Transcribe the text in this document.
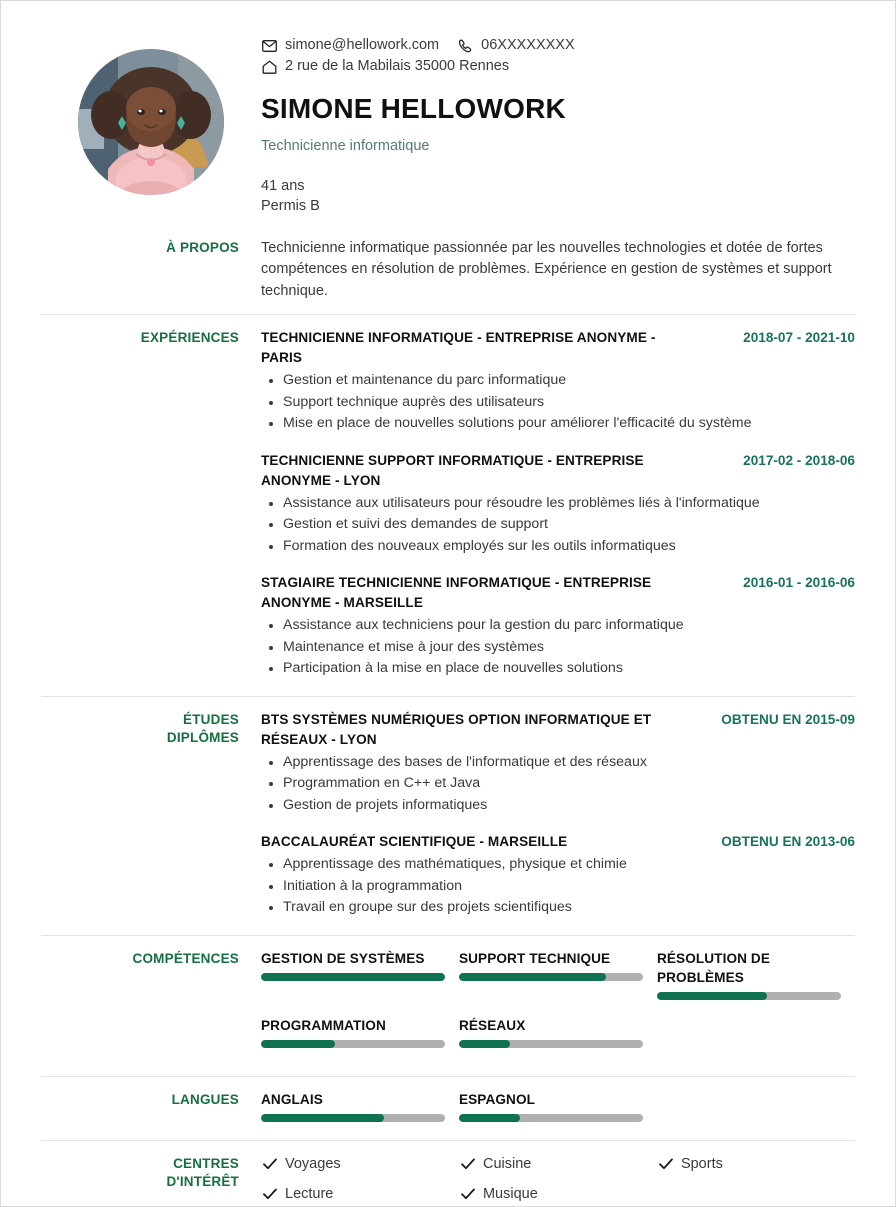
simone@hellowork.com	06XXXXXXXX
2 rue de la Mabilais 35000 Rennes
SIMONE HELLOWORK
Technicienne informatique
41 ans
Permis B
À PROPOS	Technicienne informatique passionnée par les nouvelles technologies et dotée de fortes compétences en résolution de problèmes. Expérience en gestion de systèmes et support technique.
EXPÉRIENCES	TECHNICIENNE INFORMATIQUE - ENTREPRISE ANONYME - PARIS
2018-07 - 2021-10
Gestion et maintenance du parc informatique
Support technique auprès des utilisateurs
Mise en place de nouvelles solutions pour améliorer l'efficacité du système
TECHNICIENNE SUPPORT INFORMATIQUE - ENTREPRISE ANONYME - LYON
2017-02 - 2018-06
Assistance aux utilisateurs pour résoudre les problèmes liés à l'informatique
Gestion et suivi des demandes de support
Formation des nouveaux employés sur les outils informatiques
STAGIAIRE TECHNICIENNE INFORMATIQUE - ENTREPRISE ANONYME - MARSEILLE
2016-01 - 2016-06
Assistance aux techniciens pour la gestion du parc informatique
Maintenance et mise à jour des systèmes
Participation à la mise en place de nouvelles solutions
ÉTUDES
DIPLÔMES
BTS SYSTÈMES NUMÉRIQUES OPTION INFORMATIQUE ET RÉSEAUX - LYON
OBTENU EN 2015-09
Apprentissage des bases de l'informatique et des réseaux
Programmation en C++ et Java
Gestion de projets informatiques
BACCALAURÉAT SCIENTIFIQUE - MARSEILLE	OBTENU EN 2013-06
Apprentissage des mathématiques, physique et chimie
Initiation à la programmation
Travail en groupe sur des projets scientifiques
COMPÉTENCES	GESTION DE SYSTÈMES	SUPPORT TECHNIQUE	RÉSOLUTION DE PROBLÈMES
PROGRAMMATION	RÉSEAUX
LANGUES	ANGLAIS	ESPAGNOL
CENTRES
D'INTÉRÊT
Voyages	Cuisine	Sports
Lecture	Musique
